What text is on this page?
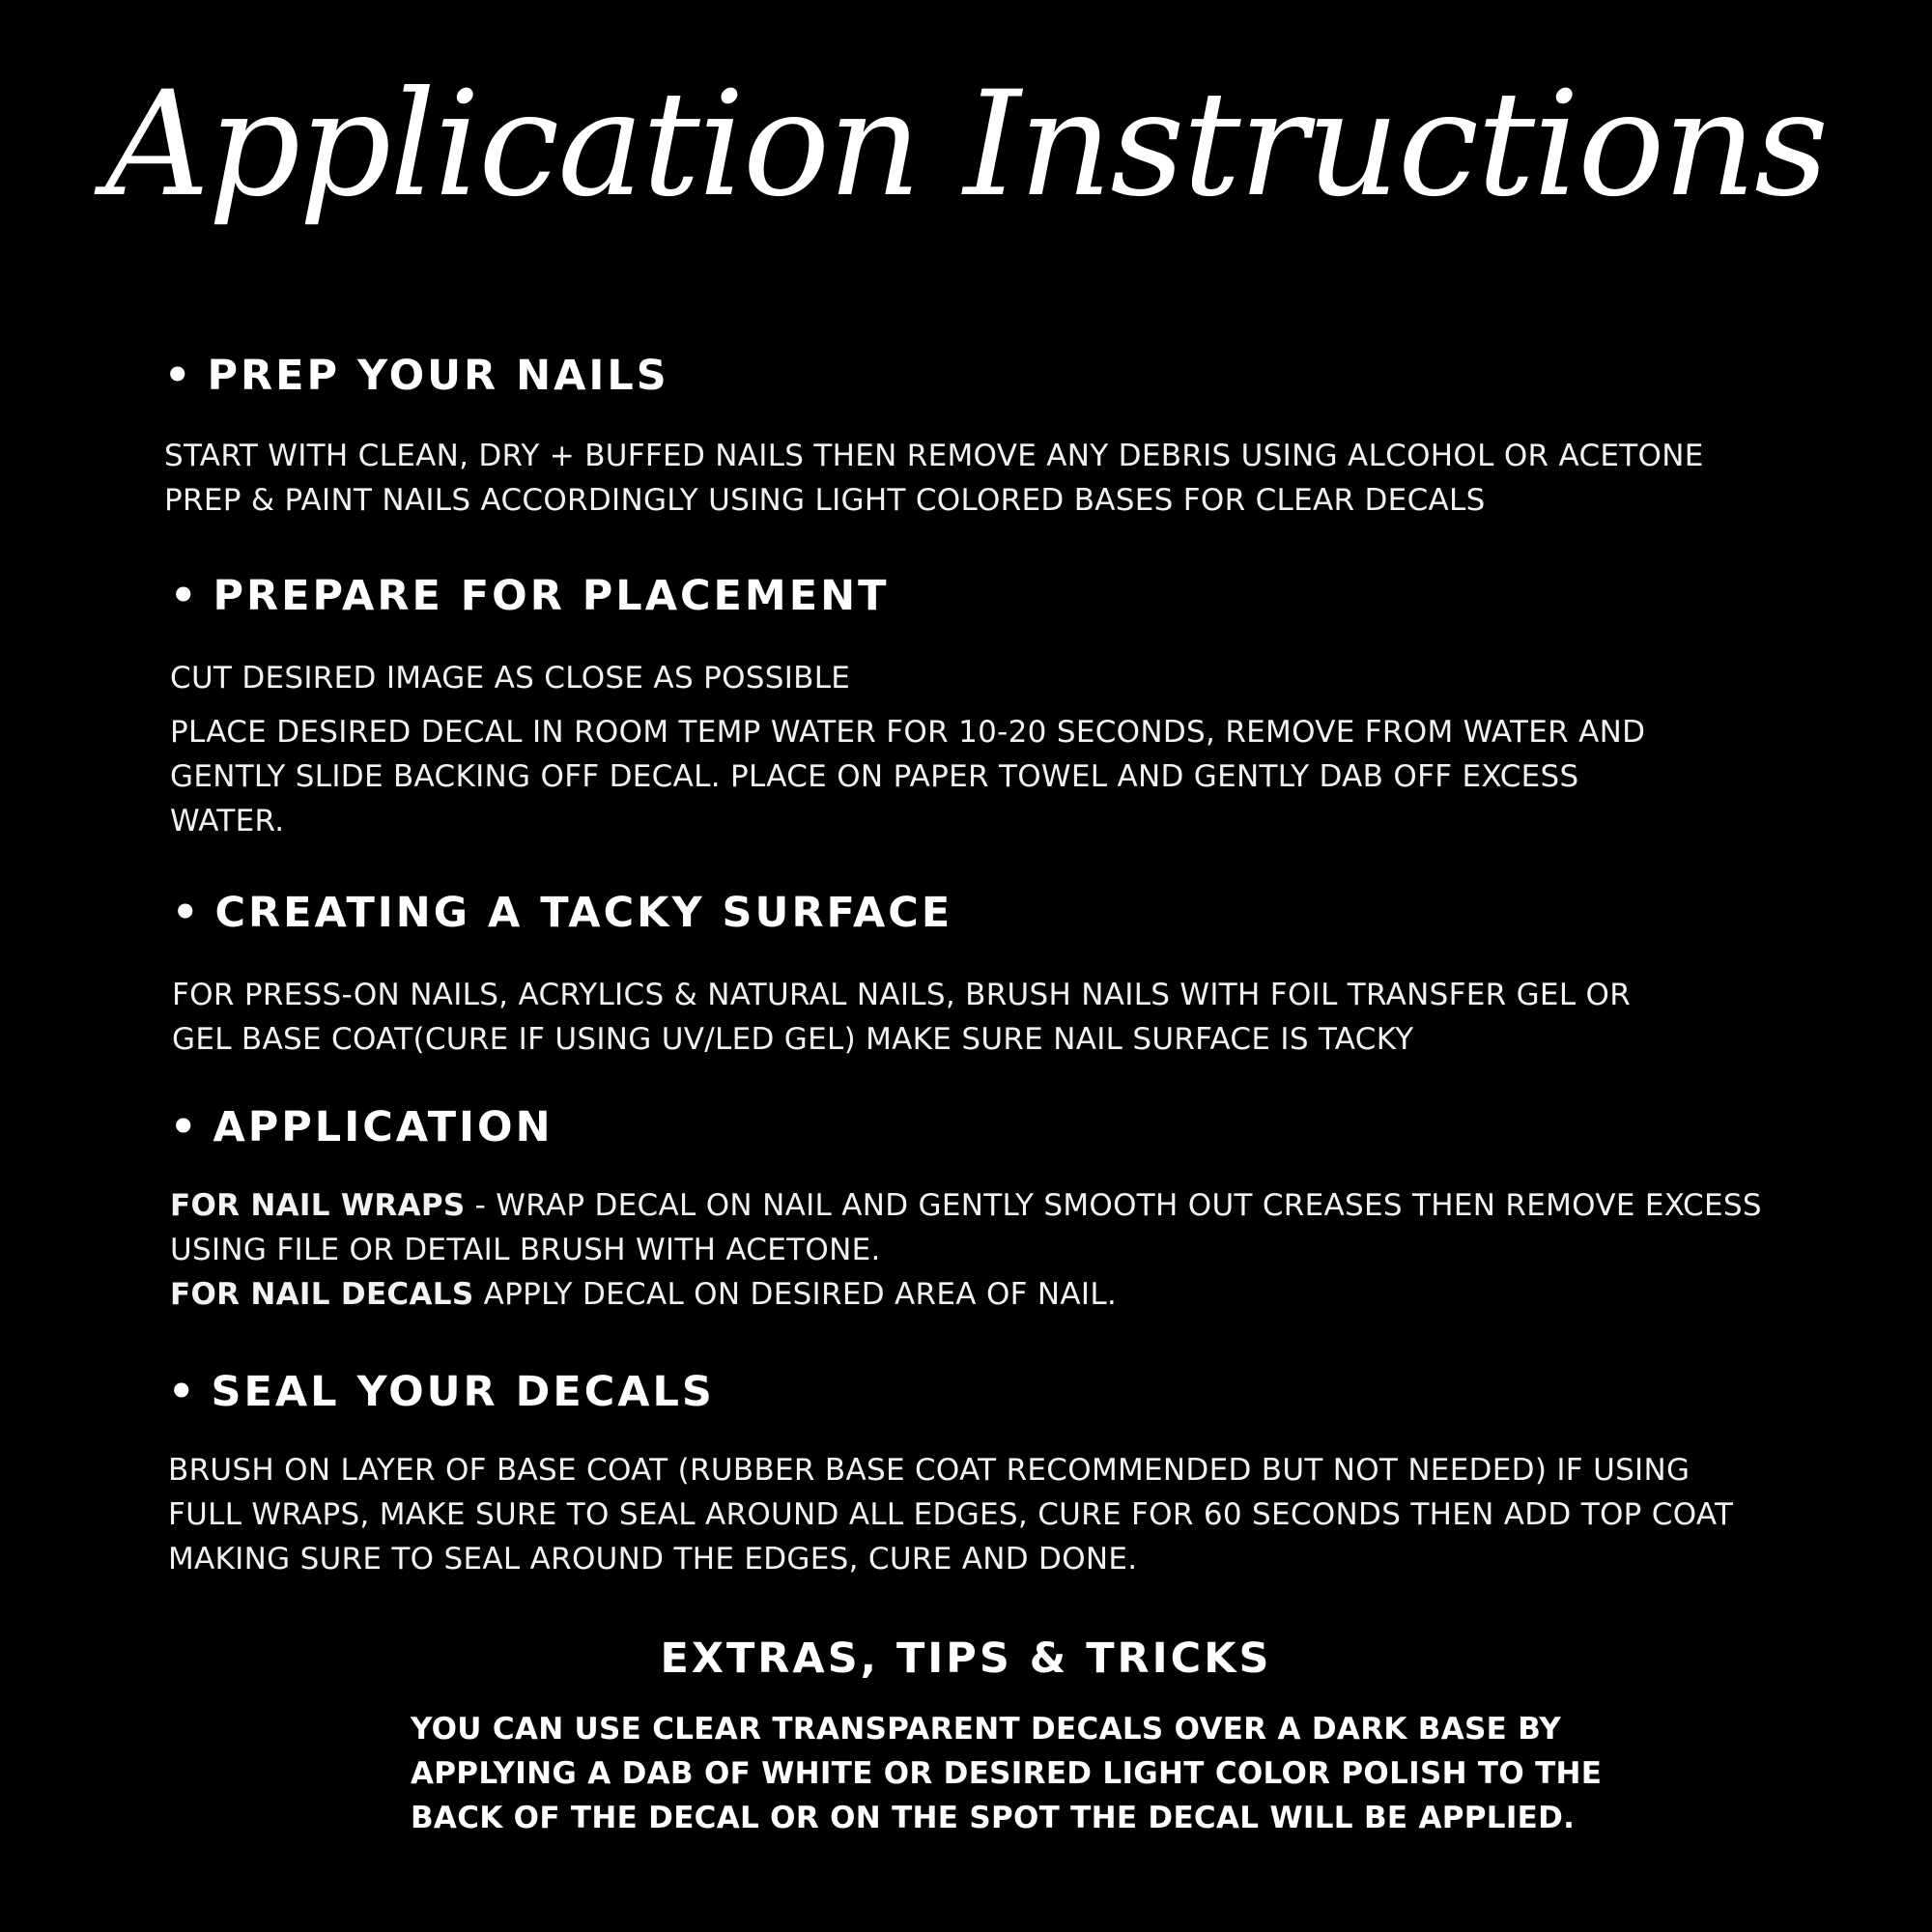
Application Instructions
• PREP YOUR NAILS
START WITH CLEAN, DRY + BUFFED NAILS THEN REMOVE ANY DEBRIS USING ALCOHOL OR ACETONE
PREP & PAINT NAILS ACCORDINGLY USING LIGHT COLORED BASES FOR CLEAR DECALS
• PREPARE FOR PLACEMENT
CUT DESIRED IMAGE AS CLOSE AS POSSIBLE
PLACE DESIRED DECAL IN ROOM TEMP WATER FOR 10-20 SECONDS, REMOVE FROM WATER AND
GENTLY SLIDE BACKING OFF DECAL. PLACE ON PAPER TOWEL AND GENTLY DAB OFF EXCESS
WATER.
• CREATING A TACKY SURFACE
FOR PRESS-ON NAILS, ACRYLICS & NATURAL NAILS, BRUSH NAILS WITH FOIL TRANSFER GEL OR
GEL BASE COAT(CURE IF USING UV/LED GEL) MAKE SURE NAIL SURFACE IS TACKY
• APPLICATION
FOR NAIL WRAPS - WRAP DECAL ON NAIL AND GENTLY SMOOTH OUT CREASES THEN REMOVE EXCESS
USING FILE OR DETAIL BRUSH WITH ACETONE.
FOR NAIL DECALS APPLY DECAL ON DESIRED AREA OF NAIL.
• SEAL YOUR DECALS
BRUSH ON LAYER OF BASE COAT (RUBBER BASE COAT RECOMMENDED BUT NOT NEEDED) IF USING
FULL WRAPS, MAKE SURE TO SEAL AROUND ALL EDGES, CURE FOR 60 SECONDS THEN ADD TOP COAT
MAKING SURE TO SEAL AROUND THE EDGES, CURE AND DONE.
EXTRAS, TIPS & TRICKS
YOU CAN USE CLEAR TRANSPARENT DECALS OVER A DARK BASE BY
APPLYING A DAB OF WHITE OR DESIRED LIGHT COLOR POLISH TO THE
BACK OF THE DECAL OR ON THE SPOT THE DECAL WILL BE APPLIED.
